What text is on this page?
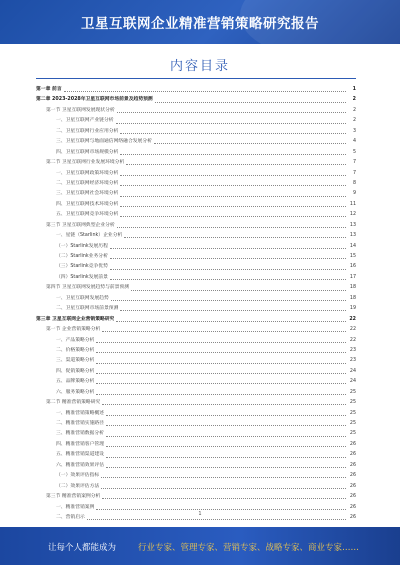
卫星互联网企业精准营销策略研究报告
内容目录
第一章 前言	1
第二章 2023-2028年卫星互联网市场前景及趋势预测	2
第一节 卫星互联网发展现状分析	2
一、卫星互联网产业链分析	2
二、卫星互联网行业应用分析	3
三、卫星互联网与地面通信网络融合发展分析	4
四、卫星互联网市场规模分析	5
第二节 卫星互联网行业发展环境分析	7
一、卫星互联网政策环境分析	7
二、卫星互联网经济环境分析	8
三、卫星互联网社会环境分析	9
四、卫星互联网技术环境分析	11
五、卫星互联网竞争环境分析	12
第三节 卫星互联网典型企业分析	13
一、星链（Starlink）企业分析	13
（一）Starlink发展历程	14
（二）Starlink业务分析	15
（三）Starlink竞争优势	16
（四）Starlink发展前景	17
第四节 卫星互联网发展趋势与前景预测	18
一、卫星互联网发展趋势	18
二、卫星互联网市场前景预测	19
第三章 卫星互联网企业营销策略研究	22
第一节 企业营销策略分析	22
一、产品策略分析	22
二、价格策略分析	23
三、渠道策略分析	23
四、促销策略分析	24
五、品牌策略分析	24
六、服务策略分析	25
第二节 精准营销策略研究	25
一、精准营销策略概述	25
二、精准营销实施路径	25
三、精准营销数据分析	25
四、精准营销客户管理	26
五、精准营销渠道建设	26
六、精准营销效果评估	26
（一）效果评估指标	26
（二）效果评估方法	26
第三节 精准营销案例分析	26
一、精准营销案例	26
二、营销启示	26
1
让每个人都能成为	行业专家、管理专家、营销专家、战略专家、商业专家……
